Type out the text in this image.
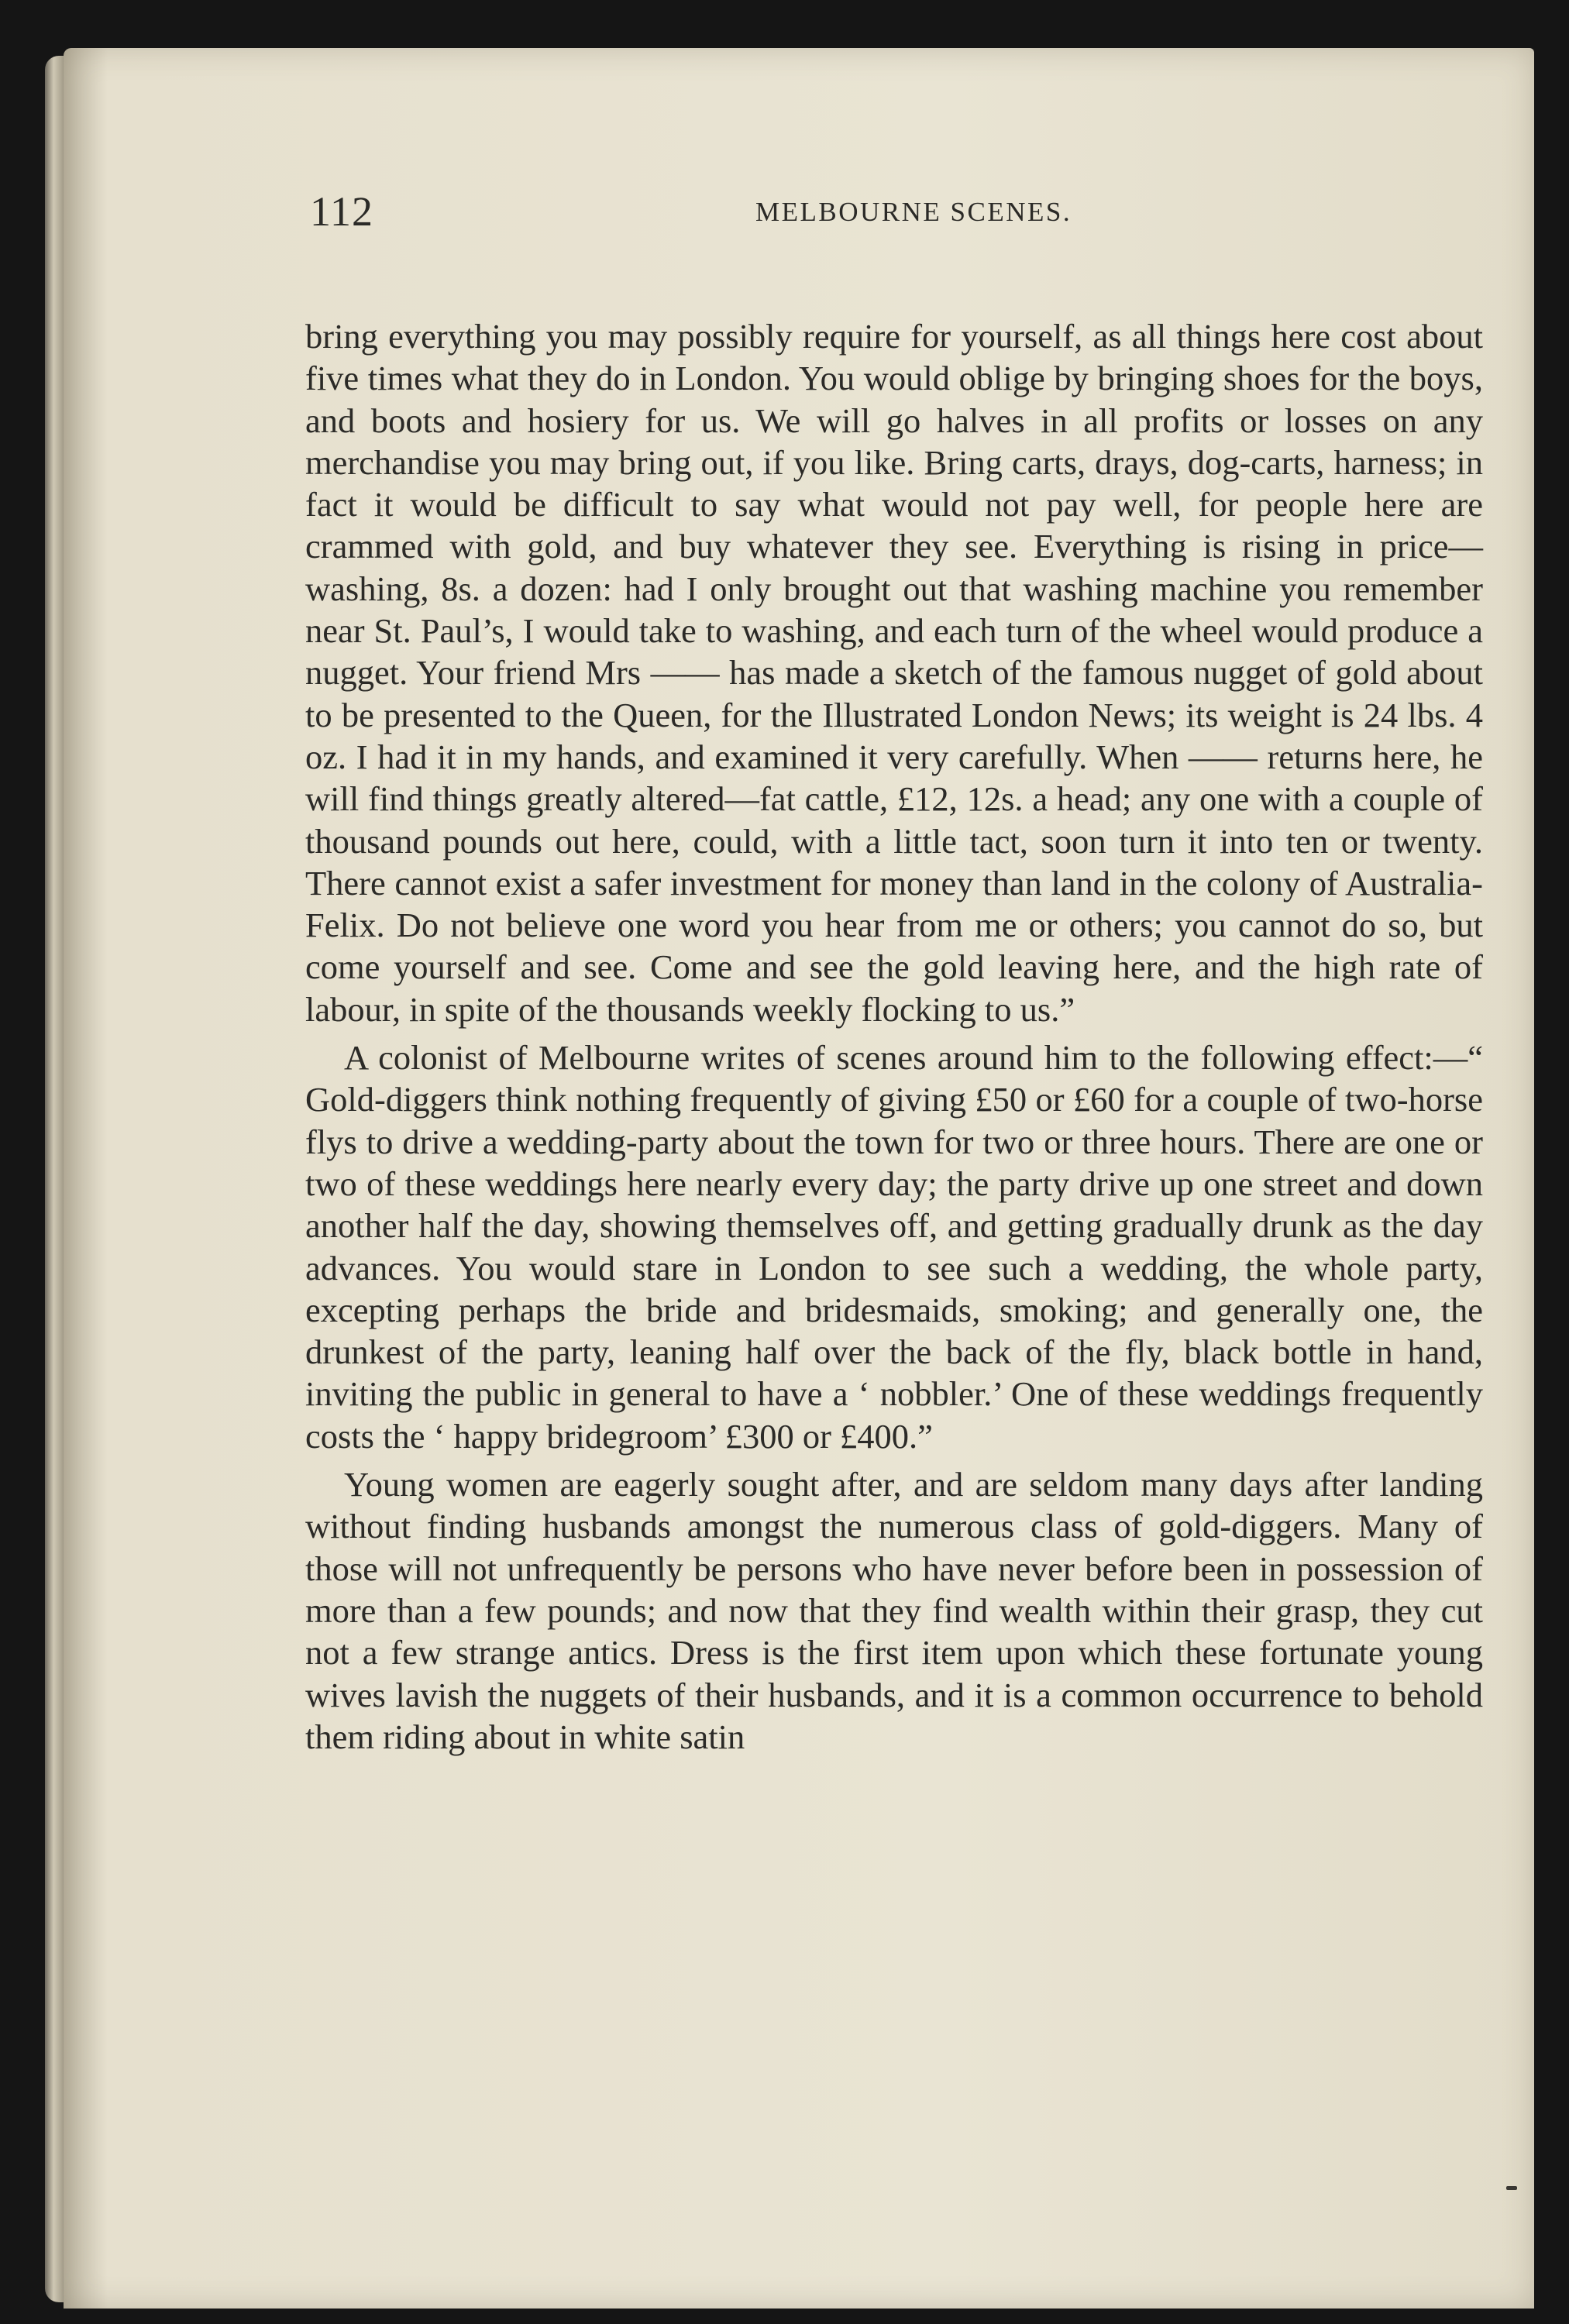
112	MELBOURNE SCENES.

bring everything you may possibly require for yourself, as all things here cost about five times what they do in London. You would oblige by bringing shoes for the boys, and boots and hosiery for us. We will go halves in all profits or losses on any merchandise you may bring out, if you like. Bring carts, drays, dog-carts, harness; in fact it would be difficult to say what would not pay well, for people here are crammed with gold, and buy whatever they see. Everything is rising in price—washing, 8s. a dozen: had I only brought out that washing machine you remember near St. Paul’s, I would take to washing, and each turn of the wheel would produce a nugget. Your friend Mrs —— has made a sketch of the famous nugget of gold about to be presented to the Queen, for the Illustrated London News; its weight is 24 lbs. 4 oz. I had it in my hands, and examined it very carefully. When —— returns here, he will find things greatly altered—fat cattle, £12, 12s. a head; any one with a couple of thousand pounds out here, could, with a little tact, soon turn it into ten or twenty. There cannot exist a safer investment for money than land in the colony of Australia-Felix. Do not believe one word you hear from me or others; you cannot do so, but come yourself and see. Come and see the gold leaving here, and the high rate of labour, in spite of the thousands weekly flocking to us.”

A colonist of Melbourne writes of scenes around him to the following effect:—“ Gold-diggers think nothing frequently of giving £50 or £60 for a couple of two-horse flys to drive a wedding-party about the town for two or three hours. There are one or two of these weddings here nearly every day; the party drive up one street and down another half the day, showing themselves off, and getting gradually drunk as the day advances. You would stare in London to see such a wedding, the whole party, excepting perhaps the bride and bridesmaids, smoking; and generally one, the drunkest of the party, leaning half over the back of the fly, black bottle in hand, inviting the public in general to have a ‘ nobbler.’ One of these weddings frequently costs the ‘ happy bridegroom’ £300 or £400.”

Young women are eagerly sought after, and are seldom many days after landing without finding husbands amongst the numerous class of gold-diggers. Many of those will not unfrequently be persons who have never before been in possession of more than a few pounds; and now that they find wealth within their grasp, they cut not a few strange antics. Dress is the first item upon which these fortunate young wives lavish the nuggets of their husbands, and it is a common occurrence to behold them riding about in white satin
